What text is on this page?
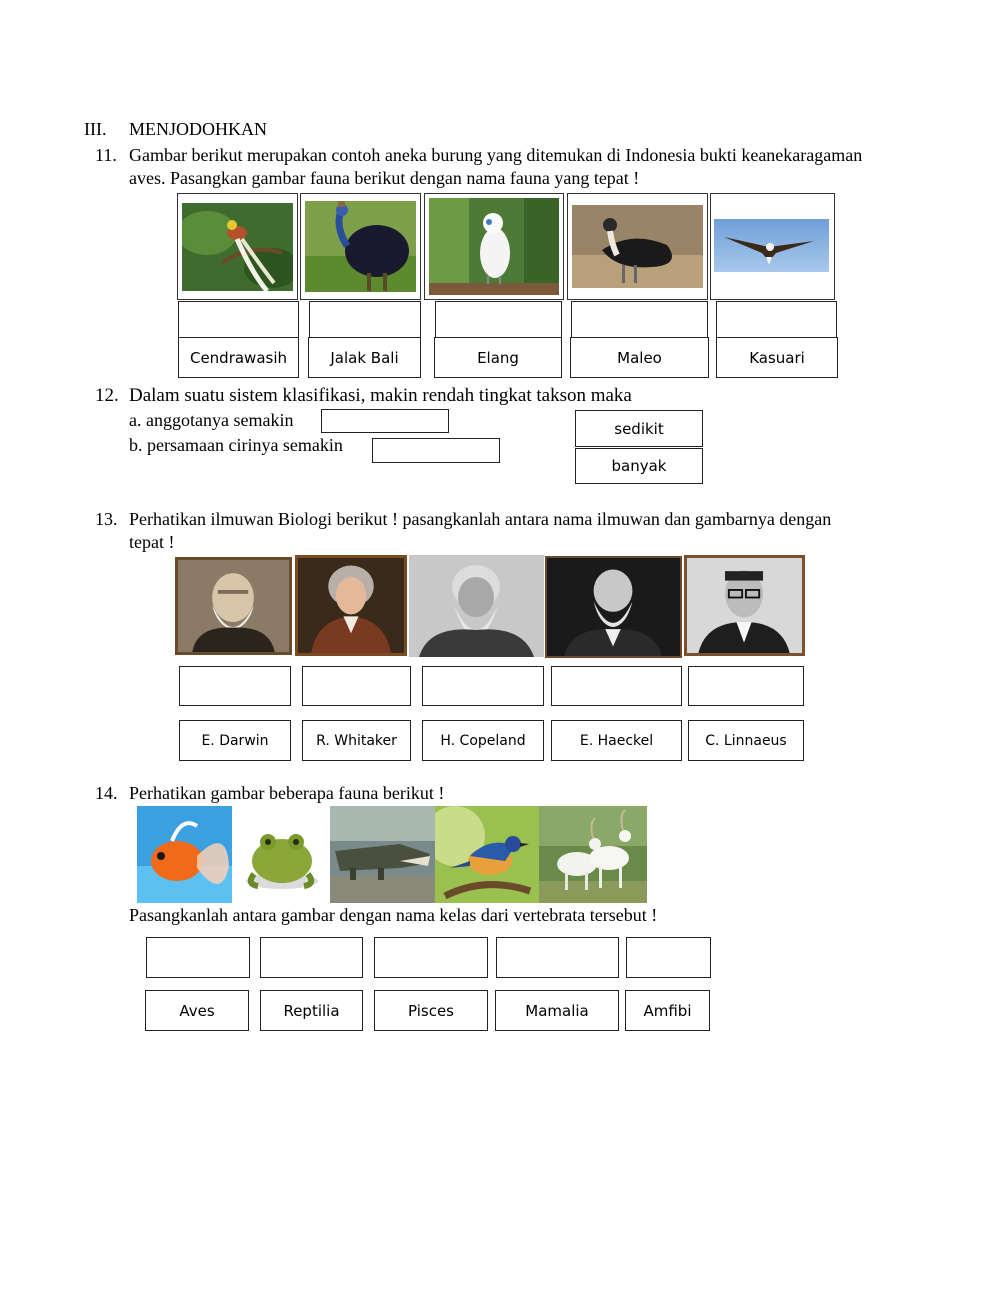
III. MENJODOHKAN
11. Gambar berikut merupakan contoh aneka burung yang ditemukan di Indonesia bukti keanekaragaman
aves. Pasangkan gambar fauna berikut dengan nama fauna yang tepat !
Cendrawasih	Jalak Bali	Elang	Maleo	Kasuari
12. Dalam suatu sistem klasifikasi, makin rendah tingkat takson maka
a. anggotanya semakin
b. persamaan cirinya semakin
sedikit
banyak
13. Perhatikan ilmuwan Biologi berikut ! pasangkanlah antara nama ilmuwan dan gambarnya dengan
tepat !
E. Darwin	R. Whitaker	H. Copeland	E. Haeckel	C. Linnaeus
14. Perhatikan gambar beberapa fauna berikut !
Pasangkanlah antara gambar dengan nama kelas dari vertebrata tersebut !
Aves	Reptilia	Pisces	Mamalia	Amfibi
